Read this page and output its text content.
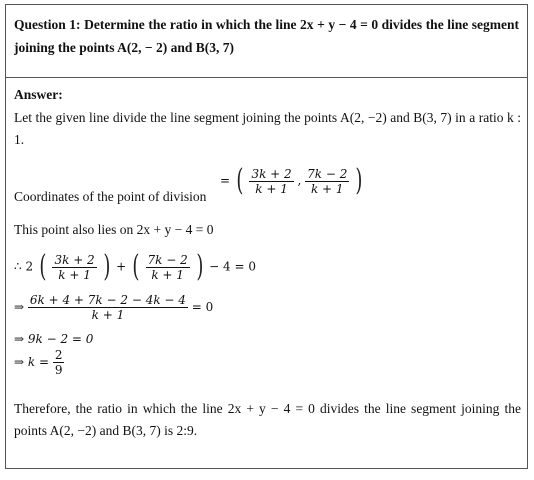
Question 1: Determine the ratio in which the line 2x + y − 4 = 0 divides the line segment joining the points A(2, − 2) and B(3, 7)
Answer:
Let the given line divide the line segment joining the points A(2, −2) and B(3, 7) in a ratio k : 1.
Coordinates of the point of division
= ( $\frac{3k + 2}{k + 1}$ , $\frac{7k - 2}{k + 1}$ )
This point also lies on 2x + y − 4 = 0
∴ 2 ( $\frac{3k + 2}{k + 1}$ ) + ( $\frac{7k - 2}{k + 1}$ ) − 4 = 0
⇒ $\frac{6k + 4 + 7k - 2 - 4k - 4}{k + 1} = 0$
⇒ 9k − 2 = 0
⇒ $k = \frac{2}{9}$
Therefore, the ratio in which the line 2x + y − 4 = 0 divides the line segment joining the points A(2, −2) and B(3, 7) is 2:9.
